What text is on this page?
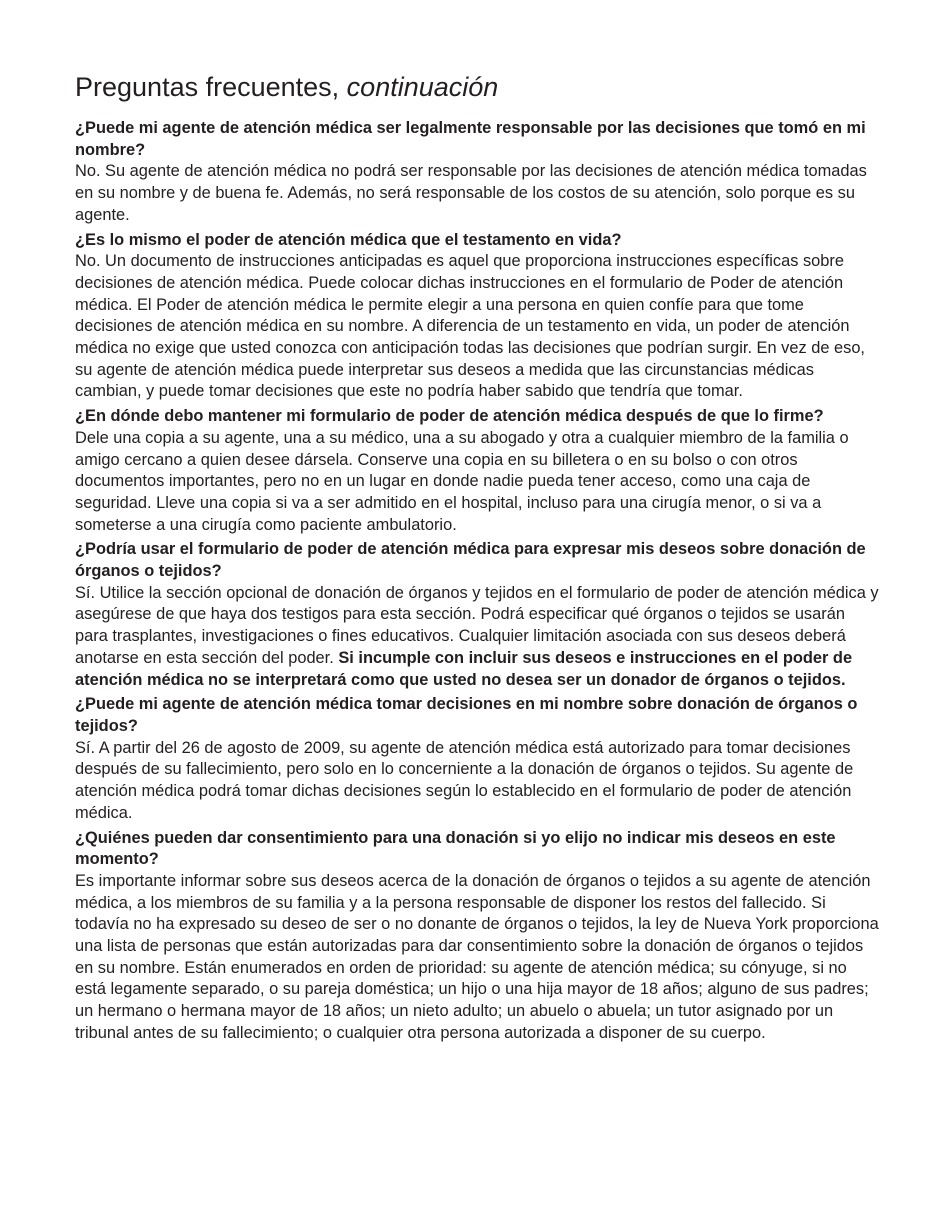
Preguntas frecuentes, continuación

¿Puede mi agente de atención médica ser legalmente responsable por las decisiones que tomó en mi nombre?

No. Su agente de atención médica no podrá ser responsable por las decisiones de atención médica tomadas en su nombre y de buena fe. Además, no será responsable de los costos de su atención, solo porque es su agente.

¿Es lo mismo el poder de atención médica que el testamento en vida?

No. Un documento de instrucciones anticipadas es aquel que proporciona instrucciones específicas sobre decisiones de atención médica. Puede colocar dichas instrucciones en el formulario de Poder de atención médica. El Poder de atención médica le permite elegir a una persona en quien confíe para que tome decisiones de atención médica en su nombre. A diferencia de un testamento en vida, un poder de atención médica no exige que usted conozca con anticipación todas las decisiones que podrían surgir. En vez de eso, su agente de atención médica puede interpretar sus deseos a medida que las circunstancias médicas cambian, y puede tomar decisiones que este no podría haber sabido que tendría que tomar.

¿En dónde debo mantener mi formulario de poder de atención médica después de que lo firme?

Dele una copia a su agente, una a su médico, una a su abogado y otra a cualquier miembro de la familia o amigo cercano a quien desee dársela. Conserve una copia en su billetera o en su bolso o con otros documentos importantes, pero no en un lugar en donde nadie pueda tener acceso, como una caja de seguridad. Lleve una copia si va a ser admitido en el hospital, incluso para una cirugía menor, o si va a someterse a una cirugía como paciente ambulatorio.

¿Podría usar el formulario de poder de atención médica para expresar mis deseos sobre donación de órganos o tejidos?

Sí. Utilice la sección opcional de donación de órganos y tejidos en el formulario de poder de atención médica y asegúrese de que haya dos testigos para esta sección. Podrá especificar qué órganos o tejidos se usarán para trasplantes, investigaciones o fines educativos. Cualquier limitación asociada con sus deseos deberá anotarse en esta sección del poder. Si incumple con incluir sus deseos e instrucciones en el poder de atención médica no se interpretará como que usted no desea ser un donador de órganos o tejidos.

¿Puede mi agente de atención médica tomar decisiones en mi nombre sobre donación de órganos o tejidos?

Sí. A partir del 26 de agosto de 2009, su agente de atención médica está autorizado para tomar decisiones después de su fallecimiento, pero solo en lo concerniente a la donación de órganos o tejidos. Su agente de atención médica podrá tomar dichas decisiones según lo establecido en el formulario de poder de atención médica.

¿Quiénes pueden dar consentimiento para una donación si yo elijo no indicar mis deseos en este momento?

Es importante informar sobre sus deseos acerca de la donación de órganos o tejidos a su agente de atención médica, a los miembros de su familia y a la persona responsable de disponer los restos del fallecido. Si todavía no ha expresado su deseo de ser o no donante de órganos o tejidos, la ley de Nueva York proporciona una lista de personas que están autorizadas para dar consentimiento sobre la donación de órganos o tejidos en su nombre. Están enumerados en orden de prioridad: su agente de atención médica; su cónyuge, si no está legamente separado, o su pareja doméstica; un hijo o una hija mayor de 18 años; alguno de sus padres; un hermano o hermana mayor de 18 años; un nieto adulto; un abuelo o abuela; un tutor asignado por un tribunal antes de su fallecimiento; o cualquier otra persona autorizada a disponer de su cuerpo.
